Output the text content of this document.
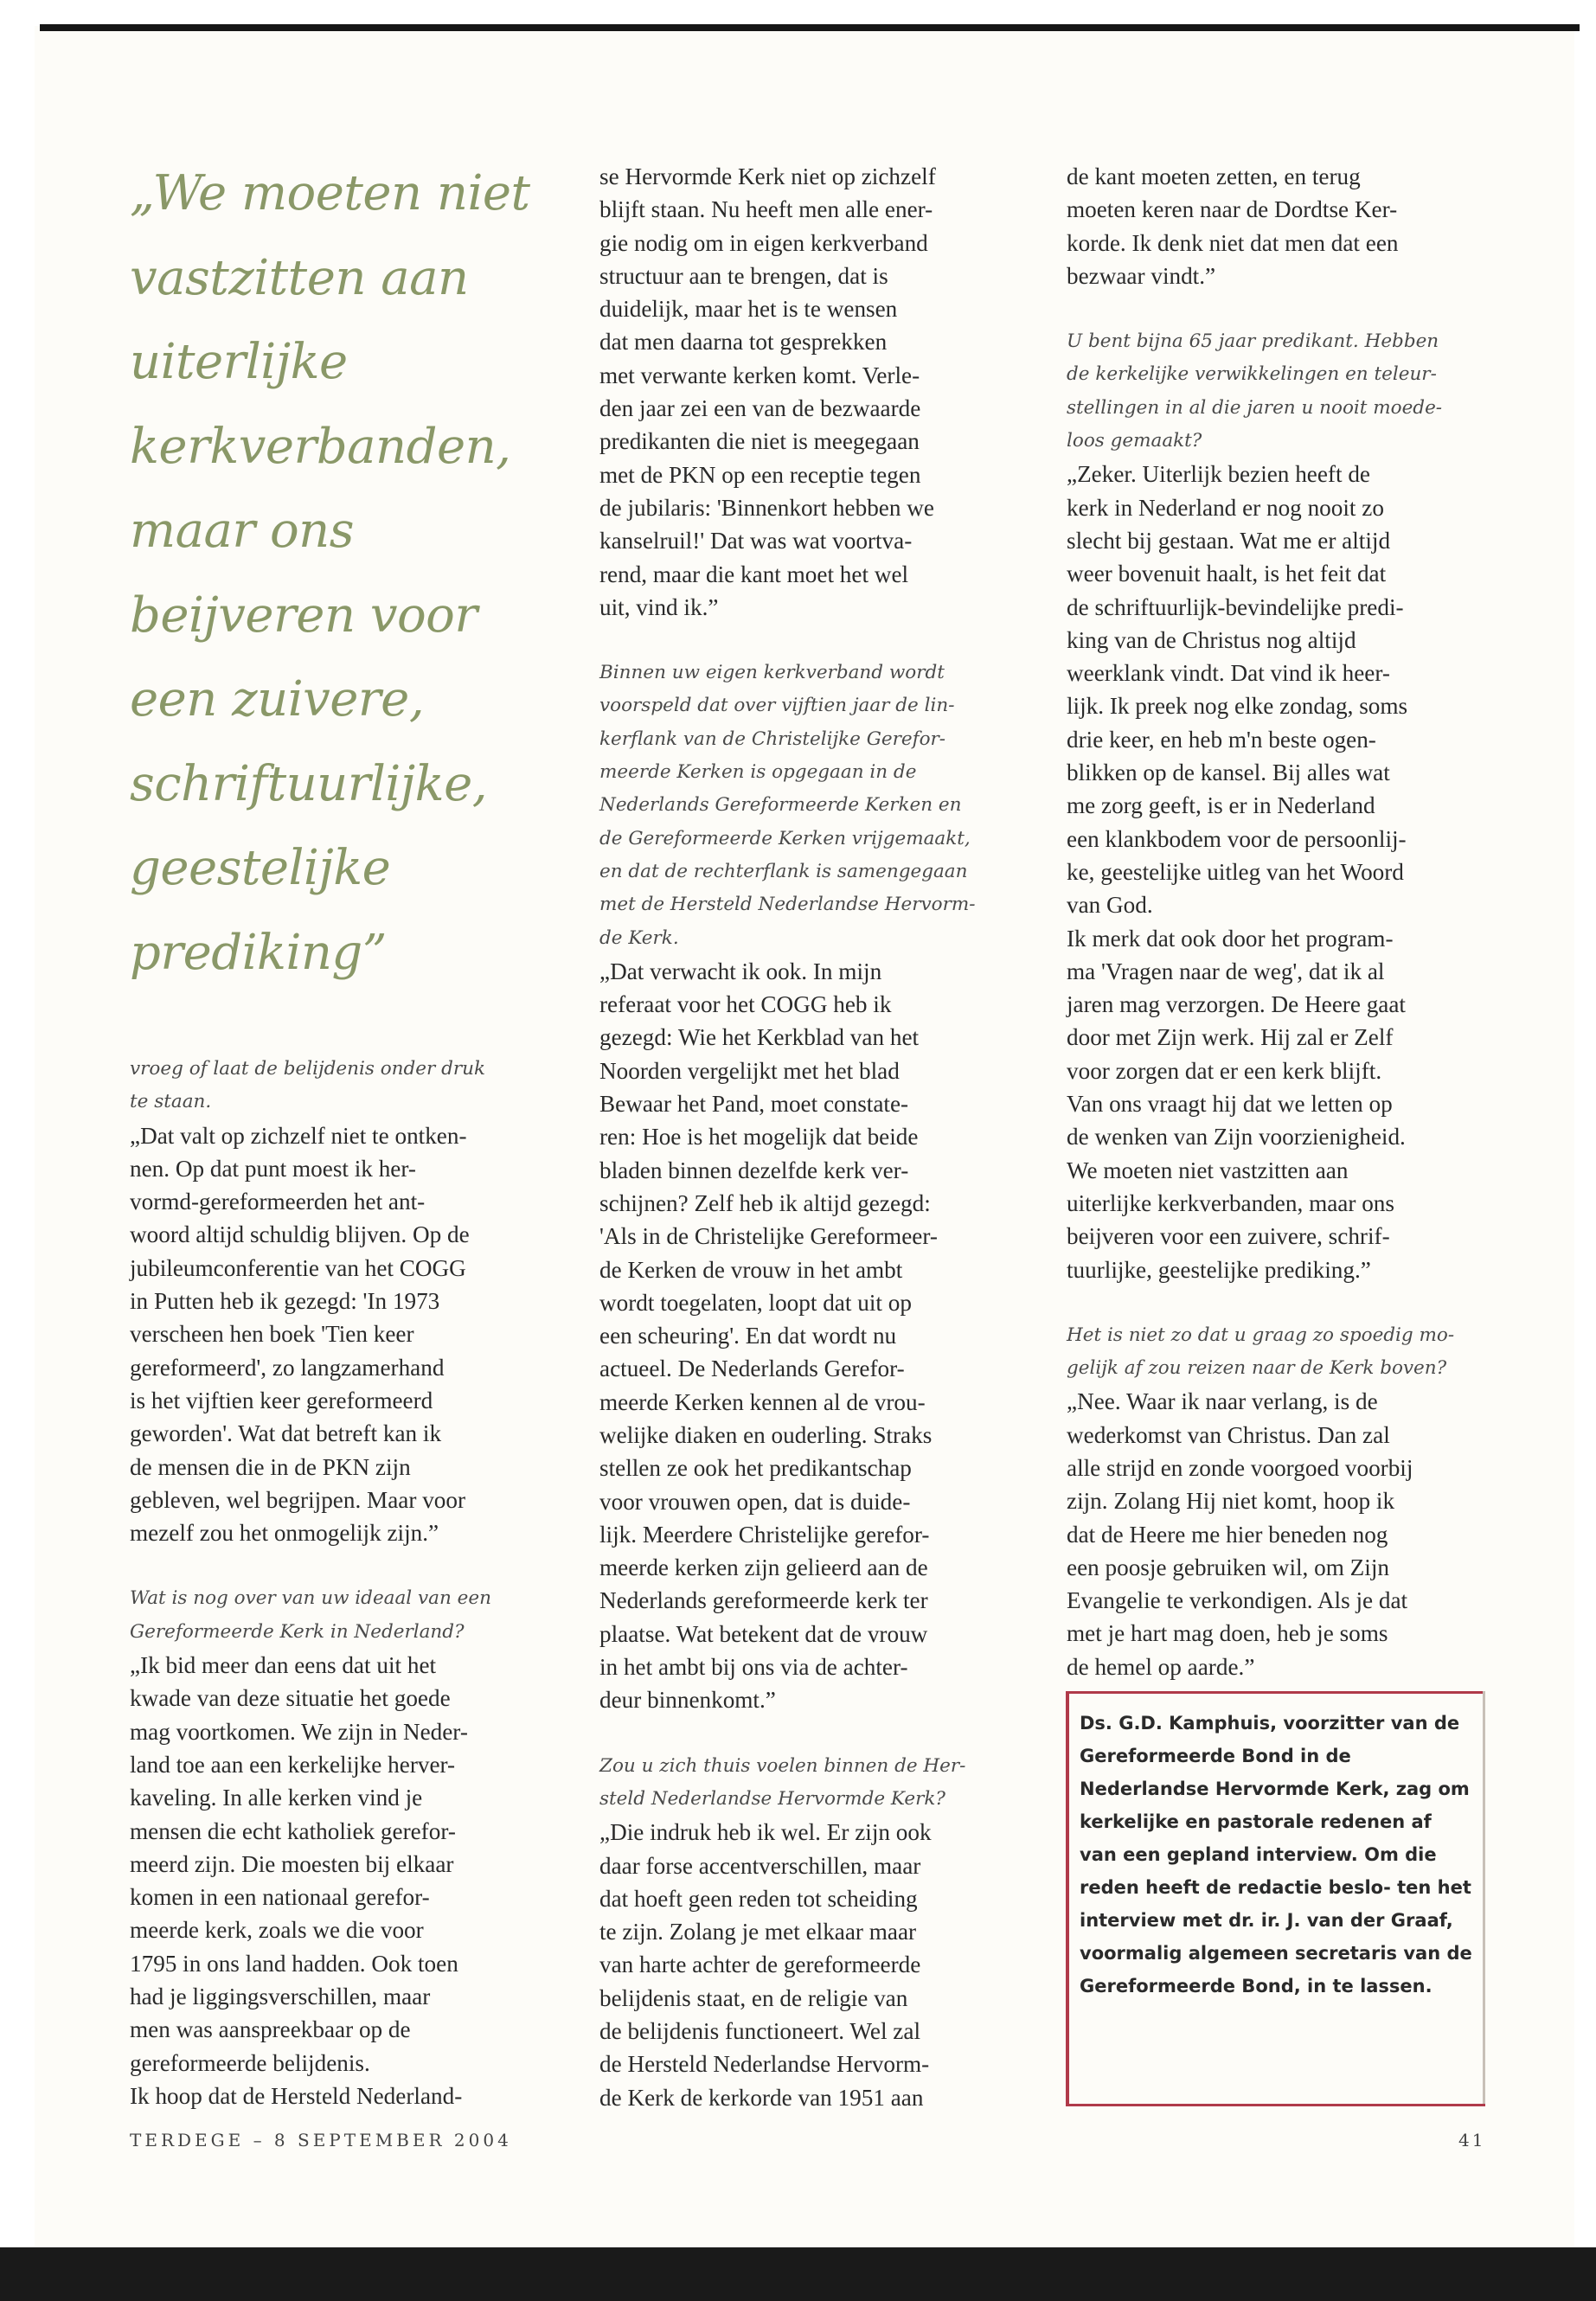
„We moeten niet vastzitten aan uiterlijke kerkverbanden, maar ons beijveren voor een zuivere, schriftuurlijke, geestelijke prediking”

vroeg of laat de belijdenis onder druk
te staan.

„Dat valt op zichzelf niet te ontken-
nen. Op dat punt moest ik her-
vormd-gereformeerden het ant-
woord altijd schuldig blijven. Op de
jubileumconferentie van het COGG
in Putten heb ik gezegd: 'In 1973
verscheen hen boek 'Tien keer
gereformeerd', zo langzamerhand
is het vijftien keer gereformeerd
geworden'. Wat dat betreft kan ik
de mensen die in de PKN zijn
gebleven, wel begrijpen. Maar voor
mezelf zou het onmogelijk zijn.”

Wat is nog over van uw ideaal van een
Gereformeerde Kerk in Nederland?

„Ik bid meer dan eens dat uit het
kwade van deze situatie het goede
mag voortkomen. We zijn in Neder-
land toe aan een kerkelijke herver-
kaveling. In alle kerken vind je
mensen die echt katholiek gerefor-
meerd zijn. Die moesten bij elkaar
komen in een nationaal gerefor-
meerde kerk, zoals we die voor
1795 in ons land hadden. Ook toen
had je liggingsverschillen, maar
men was aanspreekbaar op de
gereformeerde belijdenis.
Ik hoop dat de Hersteld Nederland-

se Hervormde Kerk niet op zichzelf
blijft staan. Nu heeft men alle ener-
gie nodig om in eigen kerkverband
structuur aan te brengen, dat is
duidelijk, maar het is te wensen
dat men daarna tot gesprekken
met verwante kerken komt. Verle-
den jaar zei een van de bezwaarde
predikanten die niet is meegegaan
met de PKN op een receptie tegen
de jubilaris: 'Binnenkort hebben we
kanselruil!' Dat was wat voortva-
rend, maar die kant moet het wel
uit, vind ik.”

Binnen uw eigen kerkverband wordt
voorspeld dat over vijftien jaar de lin-
kerflank van de Christelijke Gerefor-
meerde Kerken is opgegaan in de
Nederlands Gereformeerde Kerken en
de Gereformeerde Kerken vrijgemaakt,
en dat de rechterflank is samengegaan
met de Hersteld Nederlandse Hervorm-
de Kerk.

„Dat verwacht ik ook. In mijn
referaat voor het COGG heb ik
gezegd: Wie het Kerkblad van het
Noorden vergelijkt met het blad
Bewaar het Pand, moet constate-
ren: Hoe is het mogelijk dat beide
bladen binnen dezelfde kerk ver-
schijnen? Zelf heb ik altijd gezegd:
'Als in de Christelijke Gereformeer-
de Kerken de vrouw in het ambt
wordt toegelaten, loopt dat uit op
een scheuring'. En dat wordt nu
actueel. De Nederlands Gerefor-
meerde Kerken kennen al de vrou-
welijke diaken en ouderling. Straks
stellen ze ook het predikantschap
voor vrouwen open, dat is duide-
lijk. Meerdere Christelijke gerefor-
meerde kerken zijn gelieerd aan de
Nederlands gereformeerde kerk ter
plaatse. Wat betekent dat de vrouw
in het ambt bij ons via de achter-
deur binnenkomt.”

Zou u zich thuis voelen binnen de Her-
steld Nederlandse Hervormde Kerk?

„Die indruk heb ik wel. Er zijn ook
daar forse accentverschillen, maar
dat hoeft geen reden tot scheiding
te zijn. Zolang je met elkaar maar
van harte achter de gereformeerde
belijdenis staat, en de religie van
de belijdenis functioneert. Wel zal
de Hersteld Nederlandse Hervorm-
de Kerk de kerkorde van 1951 aan

de kant moeten zetten, en terug
moeten keren naar de Dordtse Ker-
korde. Ik denk niet dat men dat een
bezwaar vindt.”

U bent bijna 65 jaar predikant. Hebben
de kerkelijke verwikkelingen en teleur-
stellingen in al die jaren u nooit moede-
loos gemaakt?

„Zeker. Uiterlijk bezien heeft de
kerk in Nederland er nog nooit zo
slecht bij gestaan. Wat me er altijd
weer bovenuit haalt, is het feit dat
de schriftuurlijk-bevindelijke predi-
king van de Christus nog altijd
weerklank vindt. Dat vind ik heer-
lijk. Ik preek nog elke zondag, soms
drie keer, en heb m'n beste ogen-
blikken op de kansel. Bij alles wat
me zorg geeft, is er in Nederland
een klankbodem voor de persoonlij-
ke, geestelijke uitleg van het Woord
van God.
Ik merk dat ook door het program-
ma 'Vragen naar de weg', dat ik al
jaren mag verzorgen. De Heere gaat
door met Zijn werk. Hij zal er Zelf
voor zorgen dat er een kerk blijft.
Van ons vraagt hij dat we letten op
de wenken van Zijn voorzienigheid.
We moeten niet vastzitten aan
uiterlijke kerkverbanden, maar ons
beijveren voor een zuivere, schrif-
tuurlijke, geestelijke prediking.”

Het is niet zo dat u graag zo spoedig mo-
gelijk af zou reizen naar de Kerk boven?

„Nee. Waar ik naar verlang, is de
wederkomst van Christus. Dan zal
alle strijd en zonde voorgoed voorbij
zijn. Zolang Hij niet komt, hoop ik
dat de Heere me hier beneden nog
een poosje gebruiken wil, om Zijn
Evangelie te verkondigen. Als je dat
met je hart mag doen, heb je soms
de hemel op aarde.”

Ds. G.D. Kamphuis, voorzitter van de Gereformeerde Bond in de Nederlandse Hervormde Kerk, zag om kerkelijke en pastorale redenen af van een gepland interview. Om die reden heeft de redactie beslo- ten het interview met dr. ir. J. van der Graaf, voormalig algemeen secretaris van de Gereformeerde Bond, in te lassen.

TERDEGE – 8 SEPTEMBER 2004	41
